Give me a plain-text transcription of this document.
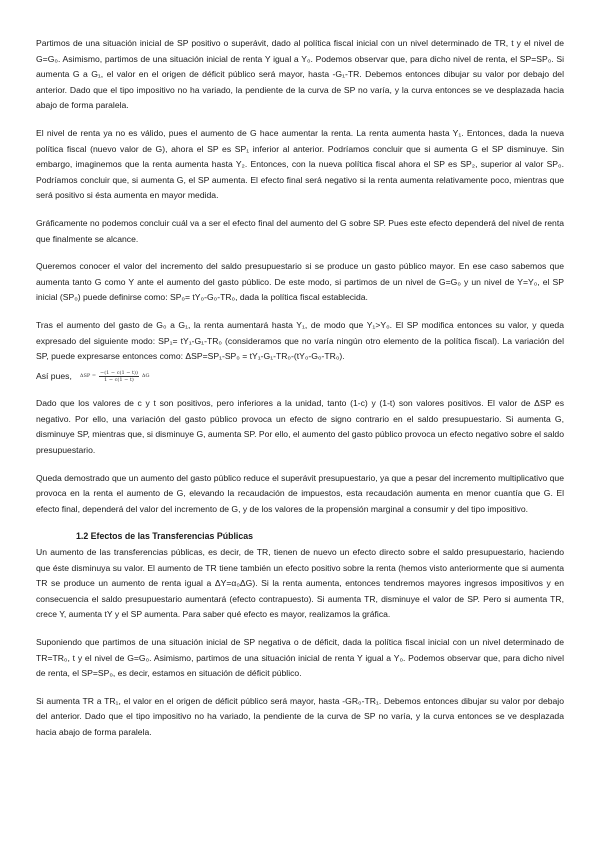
Partimos de una situación inicial de SP positivo o superávit, dado al política fiscal inicial con un nivel determinado de TR, t y el nivel de G=G₀. Asimismo, partimos de una situación inicial de renta Y igual a Y₀. Podemos observar que, para dicho nivel de renta, el SP=SP₀. Si aumenta G a G₁, el valor en el origen de déficit público será mayor, hasta -G₁-TR. Debemos entonces dibujar su valor por debajo del anterior. Dado que el tipo impositivo no ha variado, la pendiente de la curva de SP no varía, y la curva entonces se ve desplazada hacia abajo de forma paralela.

El nivel de renta ya no es válido, pues el aumento de G hace aumentar la renta. La renta aumenta hasta Y₁. Entonces, dada la nueva política fiscal (nuevo valor de G), ahora el SP es SP₁ inferior al anterior. Podríamos concluir que si aumenta G el SP disminuye. Sin embargo, imaginemos que la renta aumenta hasta Y₂. Entonces, con la nueva política fiscal ahora el SP es SP₂, superior al valor SP₀. Podríamos concluir que, si aumenta G, el SP aumenta. El efecto final será negativo si la renta aumenta relativamente poco, mientras que será positivo si ésta aumenta en mayor medida.

Gráficamente no podemos concluir cuál va a ser el efecto final del aumento del G sobre SP. Pues este efecto dependerá del nivel de renta que finalmente se alcance.

Queremos conocer el valor del incremento del saldo presupuestario si se produce un gasto público mayor. En ese caso sabemos que aumenta tanto G como Y ante el aumento del gasto público. De este modo, si partimos de un nivel de G=G₀ y un nivel de Y=Y₀, el SP inicial (SP₀) puede definirse como: SP₀= tY₀-G₀-TR₀, dada la política fiscal establecida.

Tras el aumento del gasto de G₀ a G₁, la renta aumentará hasta Y₁, de modo que Y₁>Y₀. El SP modifica entonces su valor, y queda expresado del siguiente modo: SP₁= tY₁-G₁-TR₀ (consideramos que no varía ningún otro elemento de la política fiscal). La variación del SP, puede expresarse entonces como: ΔSP=SP₁-SP₀ = tY₁-G₁-TR₀-(tY₀-G₀-TR₀).

Así pues, $\Delta SP = \frac{-(1 - c(1 - t))}{1 - c(1 - t)}$ ΔG

Dado que los valores de c y t son positivos, pero inferiores a la unidad, tanto (1-c) y (1-t) son valores positivos. El valor de ΔSP es negativo. Por ello, una variación del gasto público provoca un efecto de signo contrario en el saldo presupuestario. Si aumenta G, disminuye SP, mientras que, si disminuye G, aumenta SP. Por ello, el aumento del gasto público provoca un efecto negativo sobre el saldo presupuestario.

Queda demostrado que un aumento del gasto público reduce el superávit presupuestario, ya que a pesar del incremento multiplicativo que provoca en la renta el aumento de G, elevando la recaudación de impuestos, esta recaudación aumenta en menor cuantía que G. El efecto final, dependerá del valor del incremento de G, y de los valores de la propensión marginal a consumir y del tipo impositivo.

1.2 Efectos de las Transferencias Públicas

Un aumento de las transferencias públicas, es decir, de TR, tienen de nuevo un efecto directo sobre el saldo presupuestario, haciendo que éste disminuya su valor. El aumento de TR tiene también un efecto positivo sobre la renta (hemos visto anteriormente que si aumenta TR se produce un aumento de renta igual a ΔY=α₀ΔG). Si la renta aumenta, entonces tendremos mayores ingresos impositivos y en consecuencia el saldo presupuestario aumentará (efecto contrapuesto). Si aumenta TR, disminuye el valor de SP. Pero si aumenta TR, crece Y, aumenta tY y el SP aumenta. Para saber qué efecto es mayor, realizamos la gráfica.

Suponiendo que partimos de una situación inicial de SP negativa o de déficit, dada la política fiscal inicial con un nivel determinado de TR=TR₀, t y el nivel de G=G₀. Asimismo, partimos de una situación inicial de renta Y igual a Y₀. Podemos observar que, para dicho nivel de renta, el SP=SP₀, es decir, estamos en situación de déficit público.

Si aumenta TR a TR₁, el valor en el origen de déficit público será mayor, hasta -GR₀-TR₁. Debemos entonces dibujar su valor por debajo del anterior. Dado que el tipo impositivo no ha variado, la pendiente de la curva de SP no varía, y la curva entonces se ve desplazada hacia abajo de forma paralela.
